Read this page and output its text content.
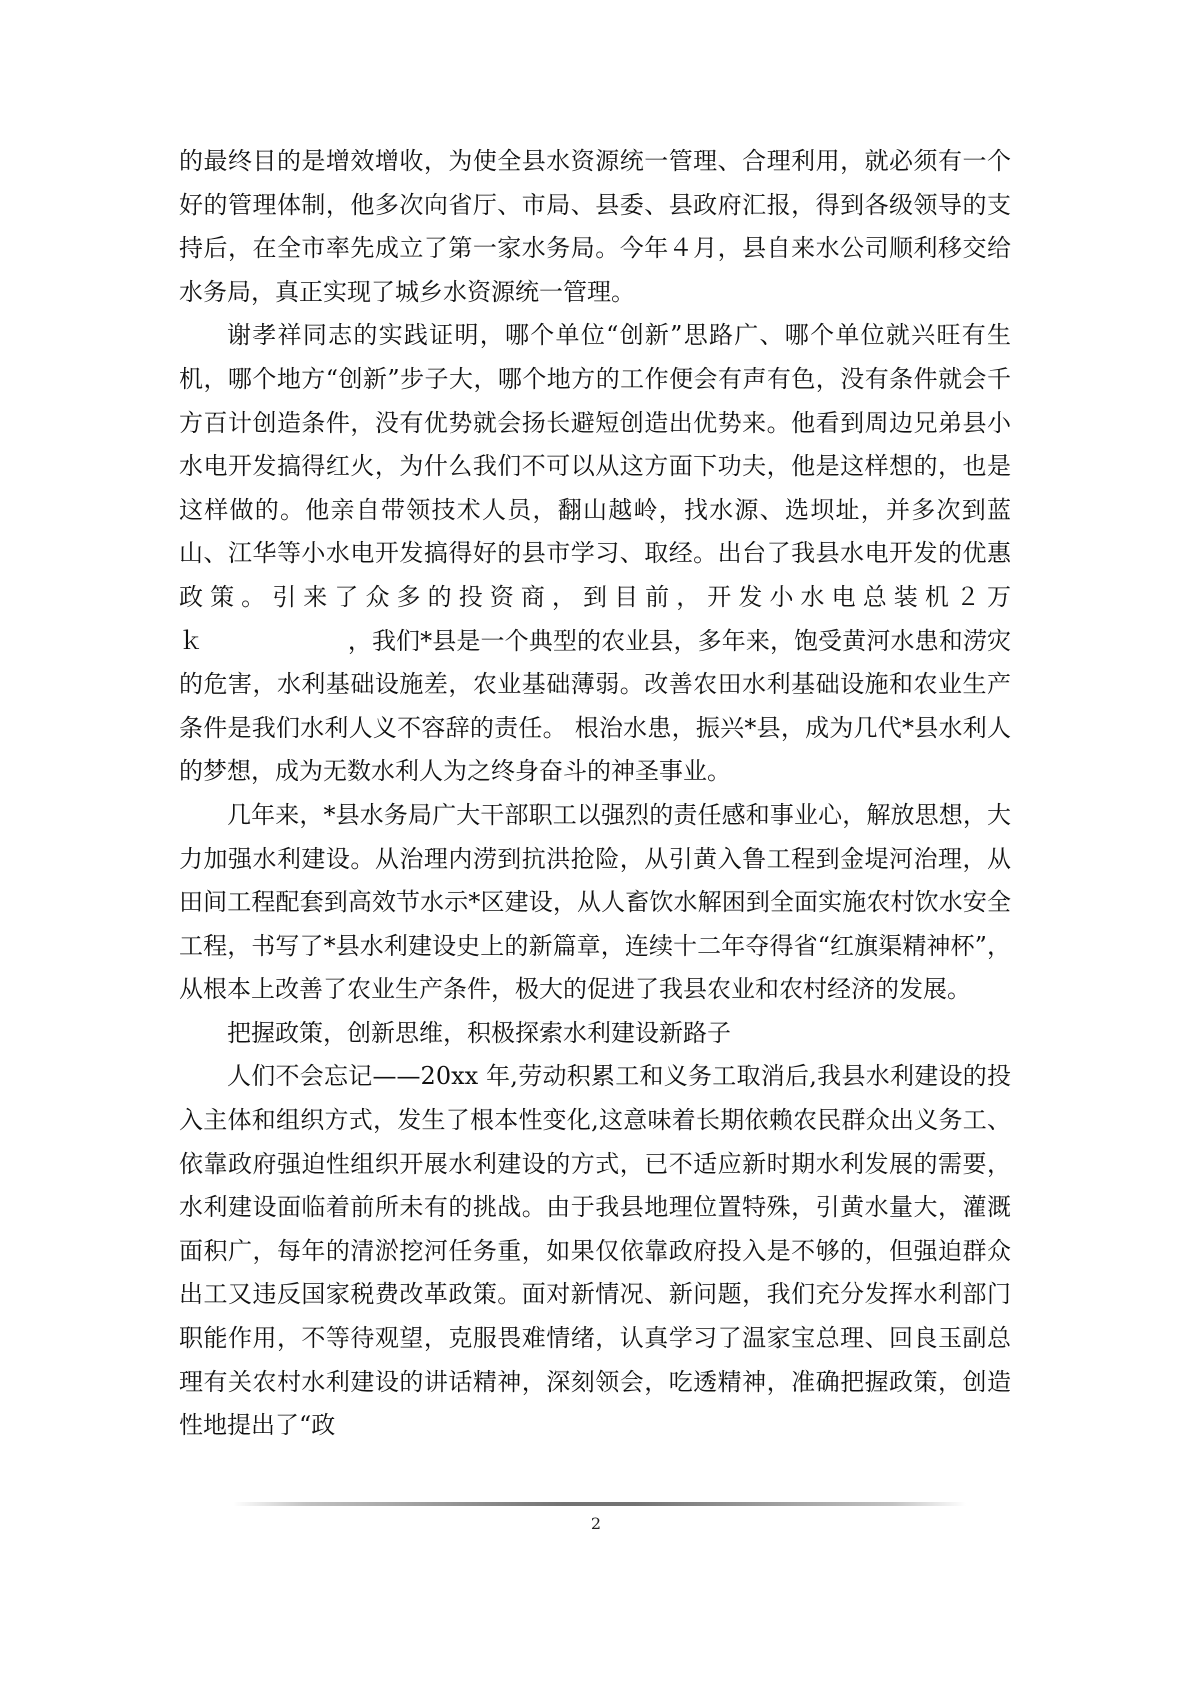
的最终目的是增效增收，为使全县水资源统一管理、合理利用，就必须有一个好的管理体制，他多次向省厅、市局、县委、县政府汇报，得到各级领导的支持后，在全市率先成立了第一家水务局。今年４月，县自来水公司顺利移交给水务局，真正实现了城乡水资源统一管理。

谢孝祥同志的实践证明，哪个单位“创新”思路广、哪个单位就兴旺有生机，哪个地方“创新”步子大，哪个地方的工作便会有声有色，没有条件就会千方百计创造条件，没有优势就会扬长避短创造出优势来。他看到周边兄弟县小水电开发搞得红火，为什么我们不可以从这方面下功夫，他是这样想的，也是这样做的。他亲自带领技术人员，翻山越岭，找水源、选坝址，并多次到蓝山、江华等小水电开发搞得好的县市学习、取经。出台了我县水电开发的优惠政策。引来了众多的投资商，到目前，开发小水电总装机２万ｋ　　　　　　，我们*县是一个典型的农业县，多年来，饱受黄河水患和涝灾的危害，水利基础设施差，农业基础薄弱。改善农田水利基础设施和农业生产条件是我们水利人义不容辞的责任。 根治水患，振兴*县，成为几代*县水利人的梦想，成为无数水利人为之终身奋斗的神圣事业。

几年来，*县水务局广大干部职工以强烈的责任感和事业心，解放思想，大力加强水利建设。从治理内涝到抗洪抢险，从引黄入鲁工程到金堤河治理，从田间工程配套到高效节水示*区建设，从人畜饮水解困到全面实施农村饮水安全工程，书写了*县水利建设史上的新篇章，连续十二年夺得省“红旗渠精神杯”，从根本上改善了农业生产条件，极大的促进了我县农业和农村经济的发展。

把握政策，创新思维，积极探索水利建设新路子

人们不会忘记——20xx 年,劳动积累工和义务工取消后,我县水利建设的投入主体和组织方式，发生了根本性变化,这意味着长期依赖农民群众出义务工、依靠政府强迫性组织开展水利建设的方式，已不适应新时期水利发展的需要，水利建设面临着前所未有的挑战。由于我县地理位置特殊，引黄水量大，灌溉面积广，每年的清淤挖河任务重，如果仅依靠政府投入是不够的，但强迫群众出工又违反国家税费改革政策。面对新情况、新问题，我们充分发挥水利部门职能作用，不等待观望，克服畏难情绪，认真学习了温家宝总理、回良玉副总理有关农村水利建设的讲话精神，深刻领会，吃透精神，准确把握政策，创造性地提出了“政

2
